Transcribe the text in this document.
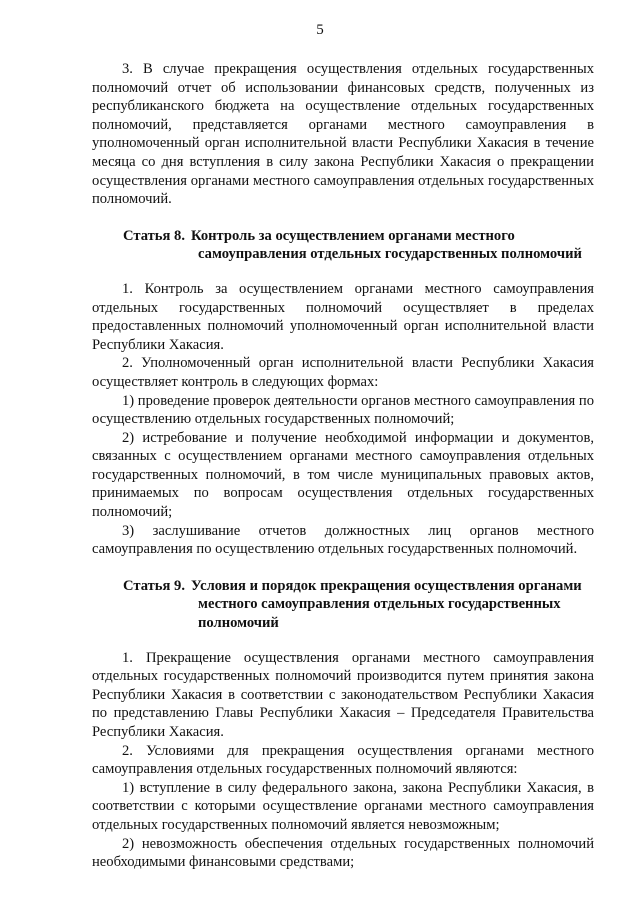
5

3. В случае прекращения осуществления отдельных государственных полномочий отчет об использовании финансовых средств, полученных из республиканского бюджета на осуществление отдельных государственных полномочий, представляется органами местного самоуправления в уполномоченный орган исполнительной власти Республики Хакасия в течение месяца со дня вступления в силу закона Республики Хакасия о прекращении осуществления органами местного самоуправления отдельных государственных полномочий.

Статья 8. Контроль за осуществлением органами местного
самоуправления отдельных государственных полномочий

1. Контроль за осуществлением органами местного самоуправления отдельных государственных полномочий осуществляет в пределах предоставленных полномочий уполномоченный орган исполнительной власти Республики Хакасия.

2. Уполномоченный орган исполнительной власти Республики Хакасия осуществляет контроль в следующих формах:

1) проведение проверок деятельности органов местного самоуправления по осуществлению отдельных государственных полномочий;

2) истребование и получение необходимой информации и документов, связанных с осуществлением органами местного самоуправления отдельных государственных полномочий, в том числе муниципальных правовых актов, принимаемых по вопросам осуществления отдельных государственных полномочий;

3) заслушивание отчетов должностных лиц органов местного самоуправления по осуществлению отдельных государственных полномочий.

Статья 9. Условия и порядок прекращения осуществления органами
местного самоуправления отдельных государственных
полномочий

1. Прекращение осуществления органами местного самоуправления отдельных государственных полномочий производится путем принятия закона Республики Хакасия в соответствии с законодательством Республики Хакасия по представлению Главы Республики Хакасия – Председателя Правительства Республики Хакасия.

2. Условиями для прекращения осуществления органами местного самоуправления отдельных государственных полномочий являются:

1) вступление в силу федерального закона, закона Республики Хакасия, в соответствии с которыми осуществление органами местного самоуправления отдельных государственных полномочий является невозможным;

2) невозможность обеспечения отдельных государственных полномочий необходимыми финансовыми средствами;
